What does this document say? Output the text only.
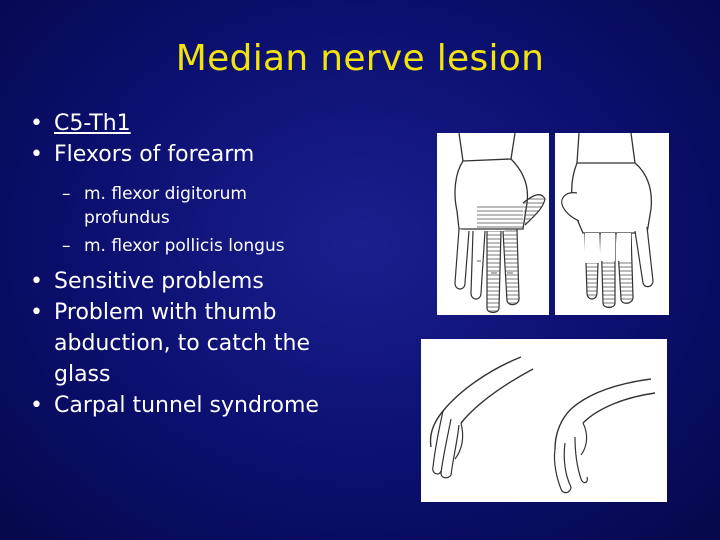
Median nerve lesion

• C5-Th1

• Flexors of forearm

– m. flexor digitorum
profundus

– m. flexor pollicis longus

• Sensitive problems

• Problem with thumb
abduction, to catch the
glass

• Carpal tunnel syndrome
